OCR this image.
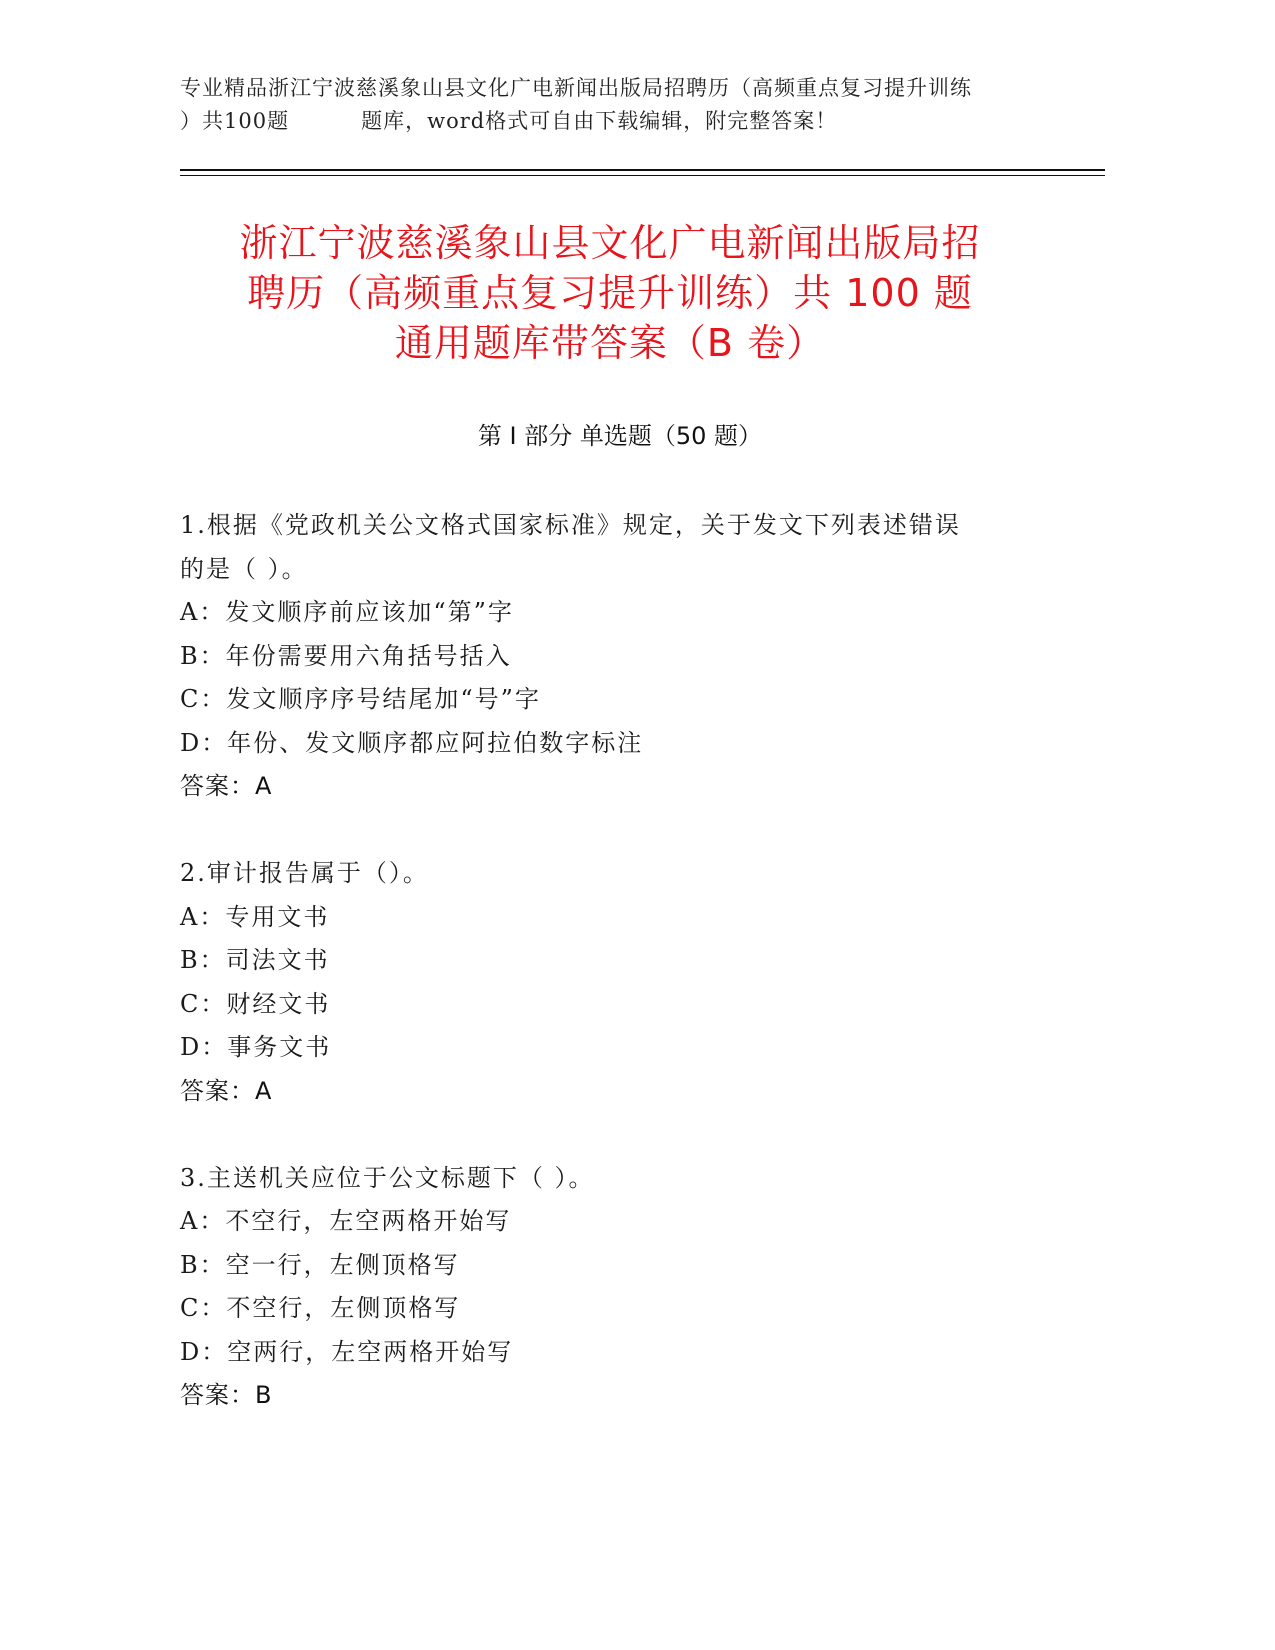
专业精品浙江宁波慈溪象山县文化广电新闻出版局招聘历（高频重点复习提升训练
）共100题	题库，word格式可自由下载编辑，附完整答案！
浙江宁波慈溪象山县文化广电新闻出版局招
聘历（高频重点复习提升训练）共 100 题
通用题库带答案（B 卷）
第 I 部分 单选题（50 题）
1.根据《党政机关公文格式国家标准》规定，关于发文下列表述错误
的是（ ）。
A：发文顺序前应该加“第”字
B：年份需要用六角括号括入
C：发文顺序序号结尾加“号”字
D：年份、发文顺序都应阿拉伯数字标注
答案：A
2.审计报告属于（）。
A：专用文书
B：司法文书
C：财经文书
D：事务文书
答案：A
3.主送机关应位于公文标题下（ ）。
A：不空行，左空两格开始写
B：空一行，左侧顶格写
C：不空行，左侧顶格写
D：空两行，左空两格开始写
答案：B
